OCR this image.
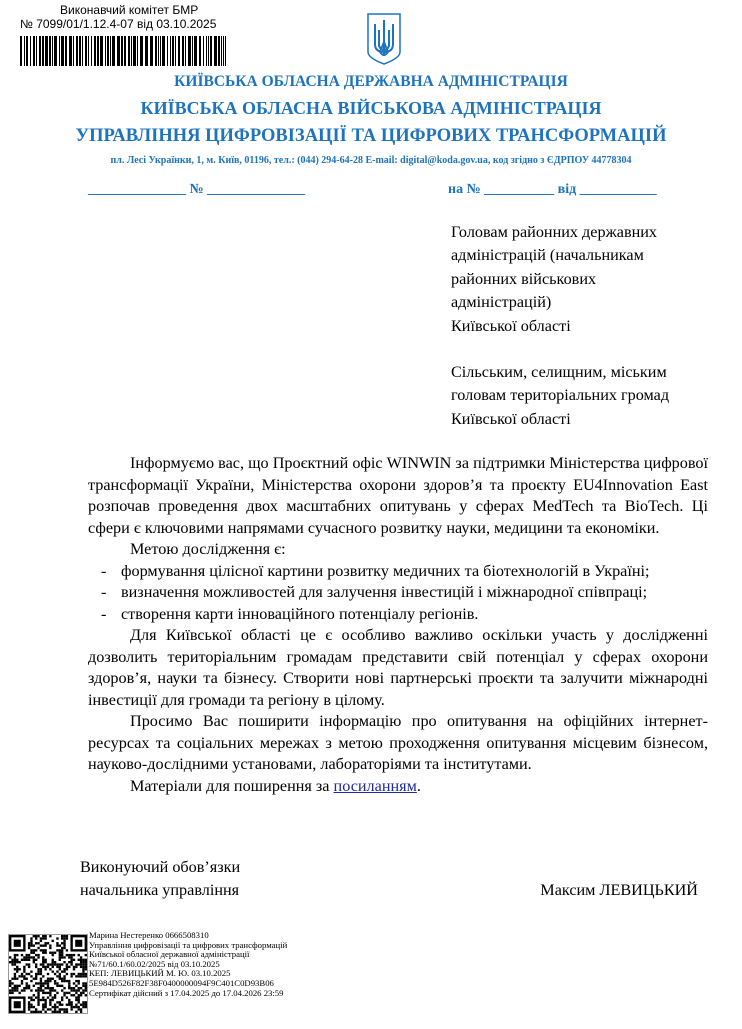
Виконавчий комітет БМР
№ 7099/01/1.12.4-07 від 03.10.2025
КИЇВСЬКА ОБЛАСНА ДЕРЖАВНА АДМІНІСТРАЦІЯ
КИЇВСЬКА ОБЛАСНА ВІЙСЬКОВА АДМІНІСТРАЦІЯ
УПРАВЛІННЯ ЦИФРОВІЗАЦІЇ ТА ЦИФРОВИХ ТРАНСФОРМАЦІЙ
пл. Лесі Українки, 1, м. Київ, 01196, тел.: (044) 294-64-28 E-mail: digital@koda.gov.ua, код згідно з ЄДРПОУ 44778304
______________ № ______________	на № __________ від ___________

Головам районних державних

адміністрацій (начальникам

районних військових

адміністрацій)

Київської області

Сільським, селищним, міським

головам територіальних громад

Київської області

Інформуємо вас, що Проєктний офіс WINWIN за підтримки Міністерства цифрової трансформації України, Міністерства охорони здоров’я та проєкту EU4Innovation East розпочав проведення двох масштабних опитувань у сферах MedTech та BioTech. Ці сфери є ключовими напрямами сучасного розвитку науки, медицини та економіки.

Метою дослідження є:

- формування цілісної картини розвитку медичних та біотехнологій в Україні;
- визначення можливостей для залучення інвестицій і міжнародної співпраці;
- створення карти інноваційного потенціалу регіонів.

Для Київської області це є особливо важливо оскільки участь у дослідженні дозволить територіальним громадам представити свій потенціал у сферах охорони здоров’я, науки та бізнесу. Створити нові партнерські проєкти та залучити міжнародні інвестиції для громади та регіону в цілому.

Просимо Вас поширити інформацію про опитування на офіційних інтернет-ресурсах та соціальних мережах з метою проходження опитування місцевим бізнесом, науково-дослідними установами, лабораторіями та інститутами.

Матеріали для поширення за посиланням.

Виконуючий обов’язки
начальника управління	Максим ЛЕВИЦЬКИЙ
Марина Нестеренко 0666508310
Управління цифровізації та цифрових трансформацій
Київської обласної державної адміністрації
№71/60.1/60.02/2025 від 03.10.2025
КЕП: ЛЕВИЦЬКИЙ М. Ю. 03.10.2025
5E984D526F82F38F0400000094F9C401C0D93B06
Сертифікат дійсний з 17.04.2025 до 17.04.2026 23:59
